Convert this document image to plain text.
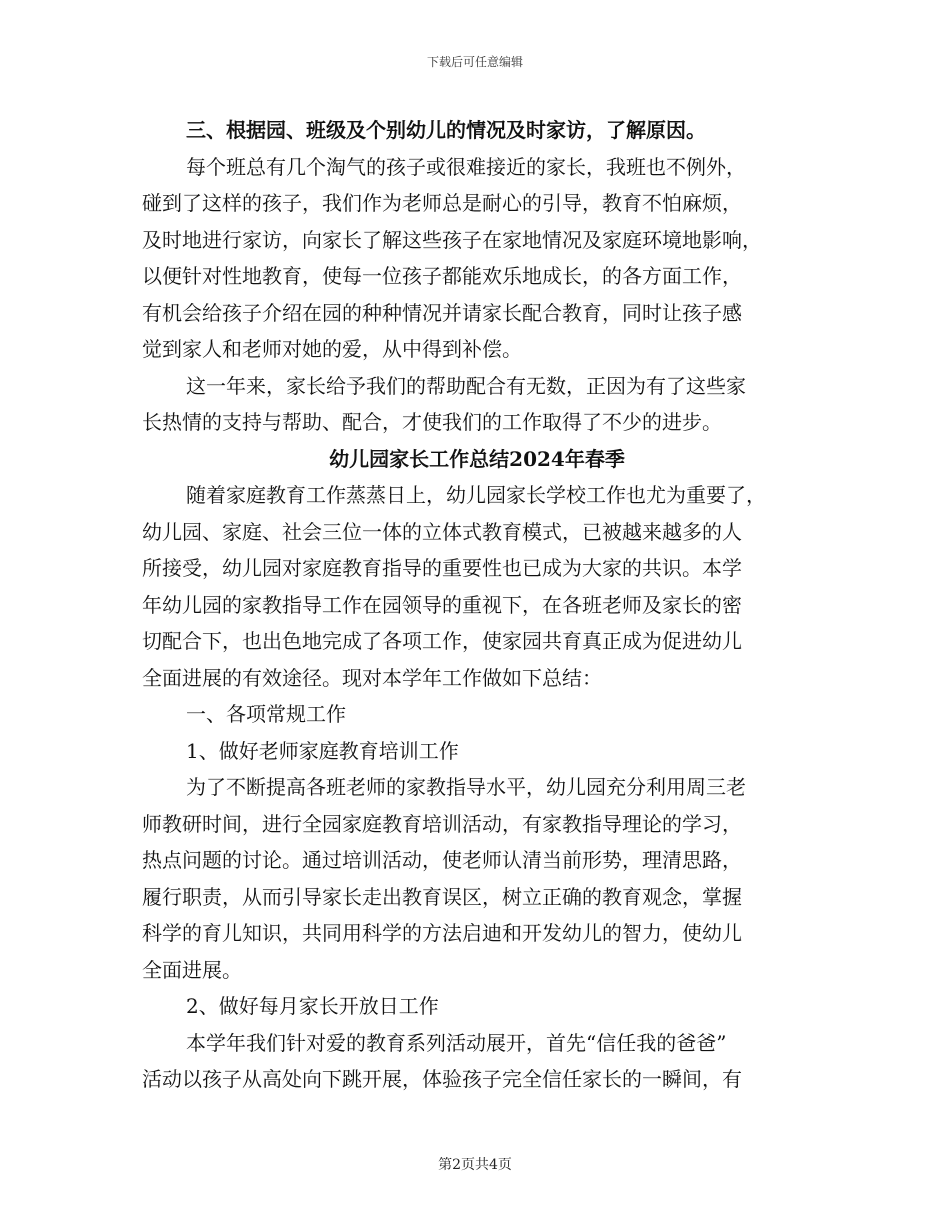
下载后可任意编辑
三、根据园、班级及个别幼儿的情况及时家访，了解原因。
每个班总有几个淘气的孩子或很难接近的家长，我班也不例外，
碰到了这样的孩子，我们作为老师总是耐心的引导，教育不怕麻烦，
及时地进行家访，向家长了解这些孩子在家地情况及家庭环境地影响，
以便针对性地教育，使每一位孩子都能欢乐地成长，的各方面工作，
有机会给孩子介绍在园的种种情况并请家长配合教育，同时让孩子感
觉到家人和老师对她的爱，从中得到补偿。
这一年来，家长给予我们的帮助配合有无数，正因为有了这些家
长热情的支持与帮助、配合，才使我们的工作取得了不少的进步。
幼儿园家长工作总结2024年春季
随着家庭教育工作蒸蒸日上，幼儿园家长学校工作也尤为重要了，
幼儿园、家庭、社会三位一体的立体式教育模式，已被越来越多的人
所接受，幼儿园对家庭教育指导的重要性也已成为大家的共识。本学
年幼儿园的家教指导工作在园领导的重视下，在各班老师及家长的密
切配合下，也出色地完成了各项工作，使家园共育真正成为促进幼儿
全面进展的有效途径。现对本学年工作做如下总结：
一、各项常规工作
1、做好老师家庭教育培训工作
为了不断提高各班老师的家教指导水平，幼儿园充分利用周三老
师教研时间，进行全园家庭教育培训活动，有家教指导理论的学习，
热点问题的讨论。通过培训活动，使老师认清当前形势，理清思路，
履行职责，从而引导家长走出教育误区，树立正确的教育观念，掌握
科学的育儿知识，共同用科学的方法启迪和开发幼儿的智力，使幼儿
全面进展。
2、做好每月家长开放日工作
本学年我们针对爱的教育系列活动展开，首先“信任我的爸爸”
活动以孩子从高处向下跳开展，体验孩子完全信任家长的一瞬间，有
第2页共4页
